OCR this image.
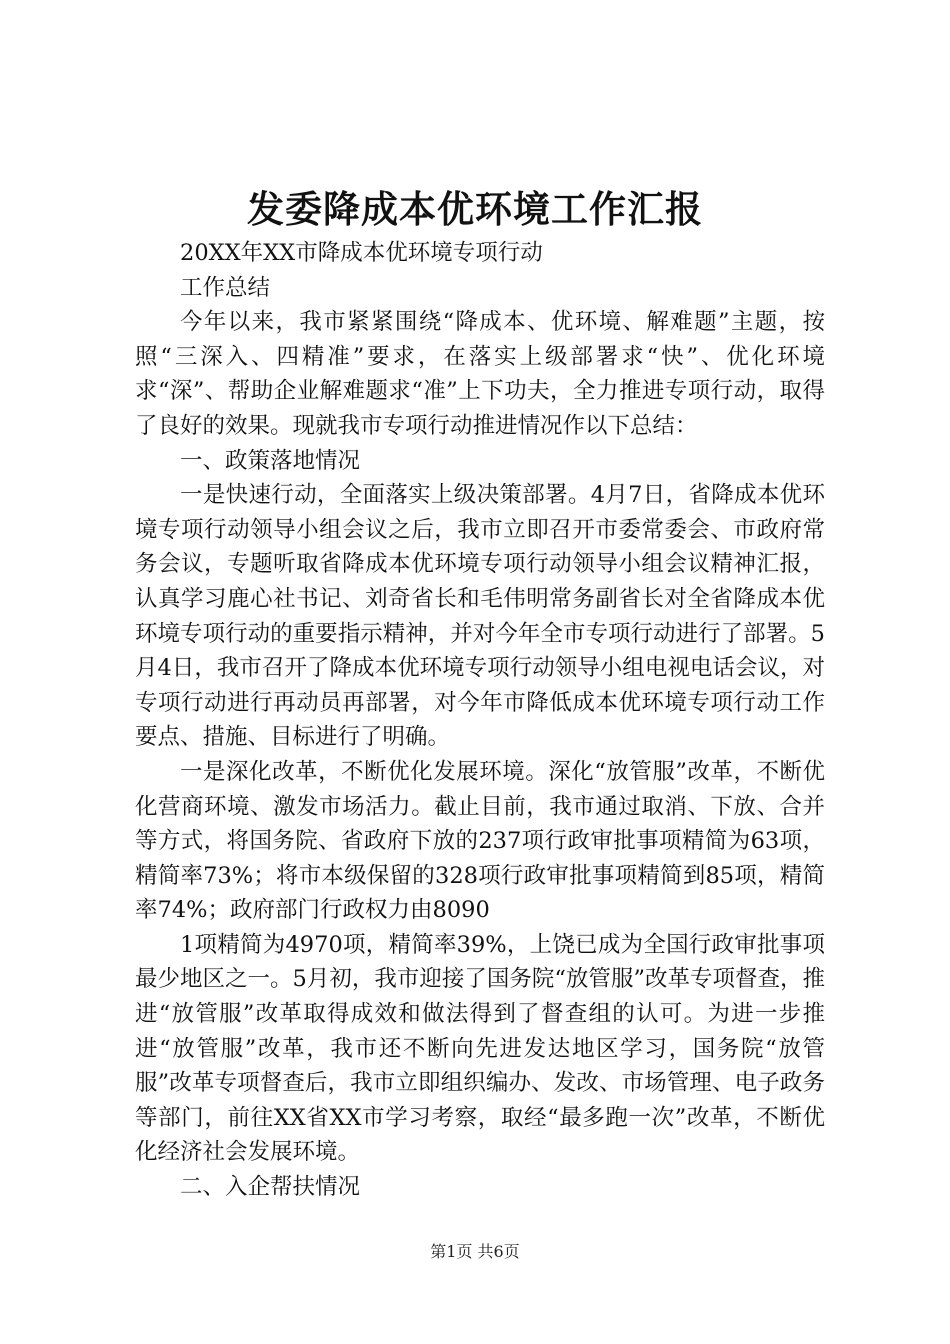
发委降成本优环境工作汇报

20XX年XX市降成本优环境专项行动

工作总结

今年以来，我市紧紧围绕“降成本、优环境、解难题”主题，按照“三深入、四精准”要求，在落实上级部署求“快”、优化环境求“深”、帮助企业解难题求“准”上下功夫，全力推进专项行动，取得了良好的效果。现就我市专项行动推进情况作以下总结：

一、政策落地情况

一是快速行动，全面落实上级决策部署。4月7日，省降成本优环境专项行动领导小组会议之后，我市立即召开市委常委会、市政府常务会议，专题听取省降成本优环境专项行动领导小组会议精神汇报，认真学习鹿心社书记、刘奇省长和毛伟明常务副省长对全省降成本优环境专项行动的重要指示精神，并对今年全市专项行动进行了部署。5月4日，我市召开了降成本优环境专项行动领导小组电视电话会议，对专项行动进行再动员再部署，对今年市降低成本优环境专项行动工作要点、措施、目标进行了明确。

一是深化改革，不断优化发展环境。深化“放管服”改革，不断优化营商环境、激发市场活力。截止目前，我市通过取消、下放、合并等方式，将国务院、省政府下放的237项行政审批事项精简为63项，精简率73%；将市本级保留的328项行政审批事项精简到85项，精简率74%；政府部门行政权力由8090

1项精简为4970项，精简率39%，上饶已成为全国行政审批事项最少地区之一。5月初，我市迎接了国务院“放管服”改革专项督查，推进“放管服”改革取得成效和做法得到了督查组的认可。为进一步推进“放管服”改革，我市还不断向先进发达地区学习，国务院“放管服”改革专项督查后，我市立即组织编办、发改、市场管理、电子政务等部门，前往XX省XX市学习考察，取经“最多跑一次”改革，不断优化经济社会发展环境。

二、入企帮扶情况

第1页 共6页
